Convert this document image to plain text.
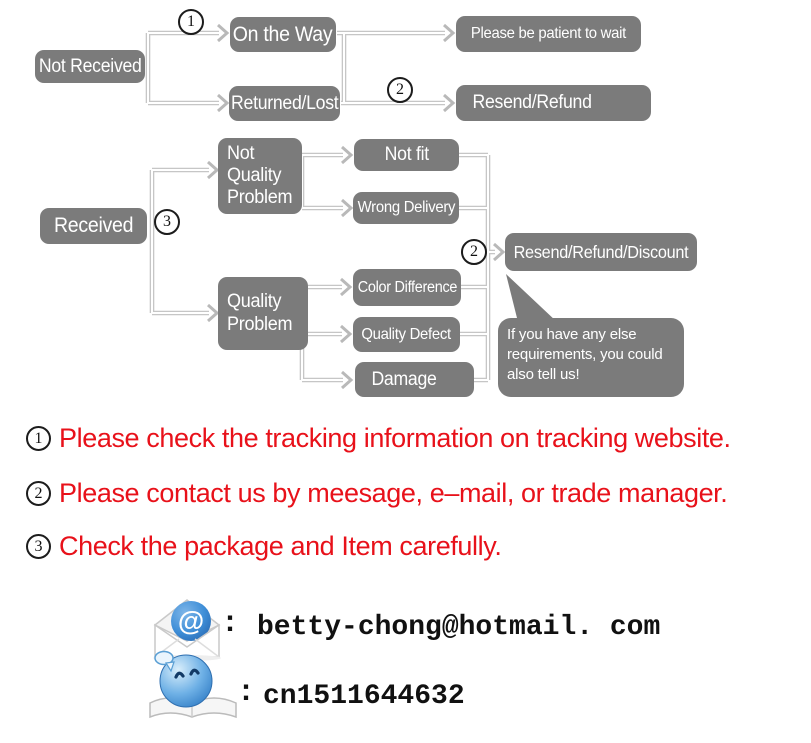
Not Received
On the Way
Returned/Lost
Please be patient to wait
Resend/Refund
Received
Not Quality Problem
Quality Problem
Not fit
Wrong Delivery
Color Difference
Quality Defect
Damage
Resend/Refund/Discount
If you have any else requirements, you could also tell us!
1
2
3
2
1 Please check the tracking information on tracking website.
2 Please contact us by meesage, e–mail, or trade manager.
3 Check the package and Item carefully.
@ : betty-chong@hotmail. com
: cn1511644632
